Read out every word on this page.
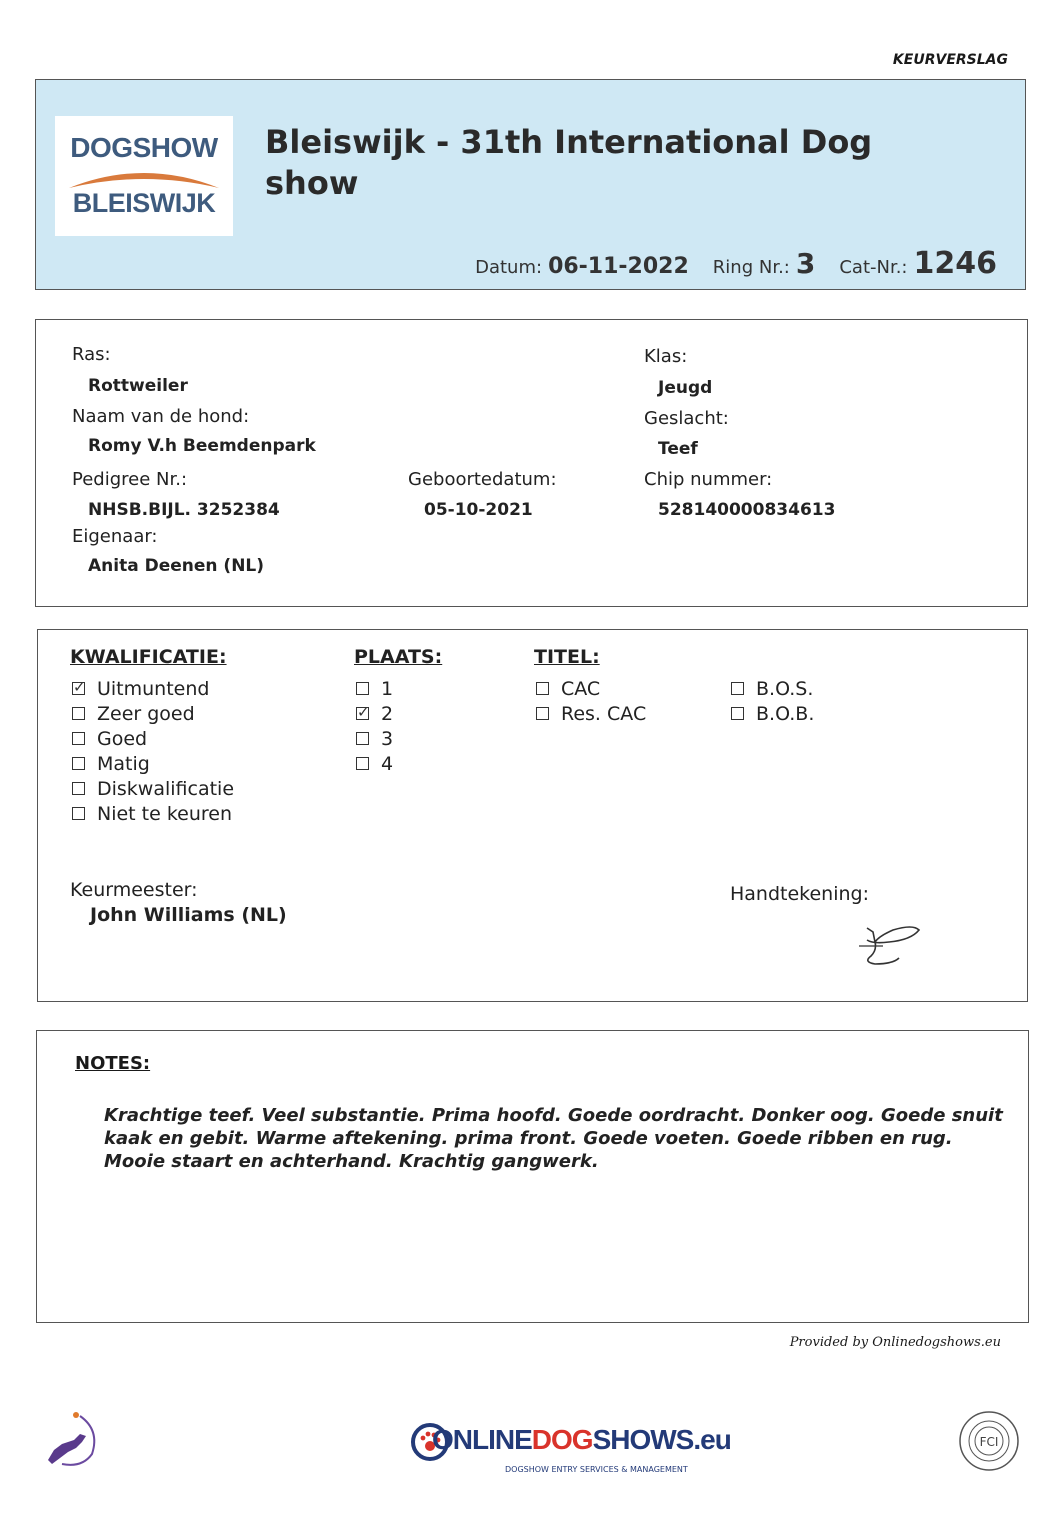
KEURVERSLAG
DOGSHOW
BLEISWIJK
Bleiswijk - 31th International Dog show
Datum: 06-11-2022 Ring Nr.: 3 Cat-Nr.: 1246
Ras:
Rottweiler
Naam van de hond:
Romy V.h Beemdenpark
Pedigree Nr.:
NHSB.BIJL. 3252384
Geboortedatum:
05-10-2021
Eigenaar:
Anita Deenen (NL)
Klas:
Jeugd
Geslacht:
Teef
Chip nummer:
528140000834613
KWALIFICATIE:
✓Uitmuntend
Zeer goed
Goed
Matig
Diskwalificatie
Niet te keuren
PLAATS:
1
✓2
3
4
TITEL:
CAC
Res. CAC
B.O.S.
B.O.B.
Keurmeester:
John Williams (NL)
Handtekening:
NOTES:
Krachtige teef. Veel substantie. Prima hoofd. Goede oordracht. Donker oog. Goede snuit kaak en gebit. Warme aftekening. prima front. Goede voeten. Goede ribben en rug. Mooie staart en achterhand. Krachtig gangwerk.
Provided by Onlinedogshows.eu
ONLINEDOGSHOWS.eu
DOGSHOW ENTRY SERVICES & MANAGEMENT
FCI
